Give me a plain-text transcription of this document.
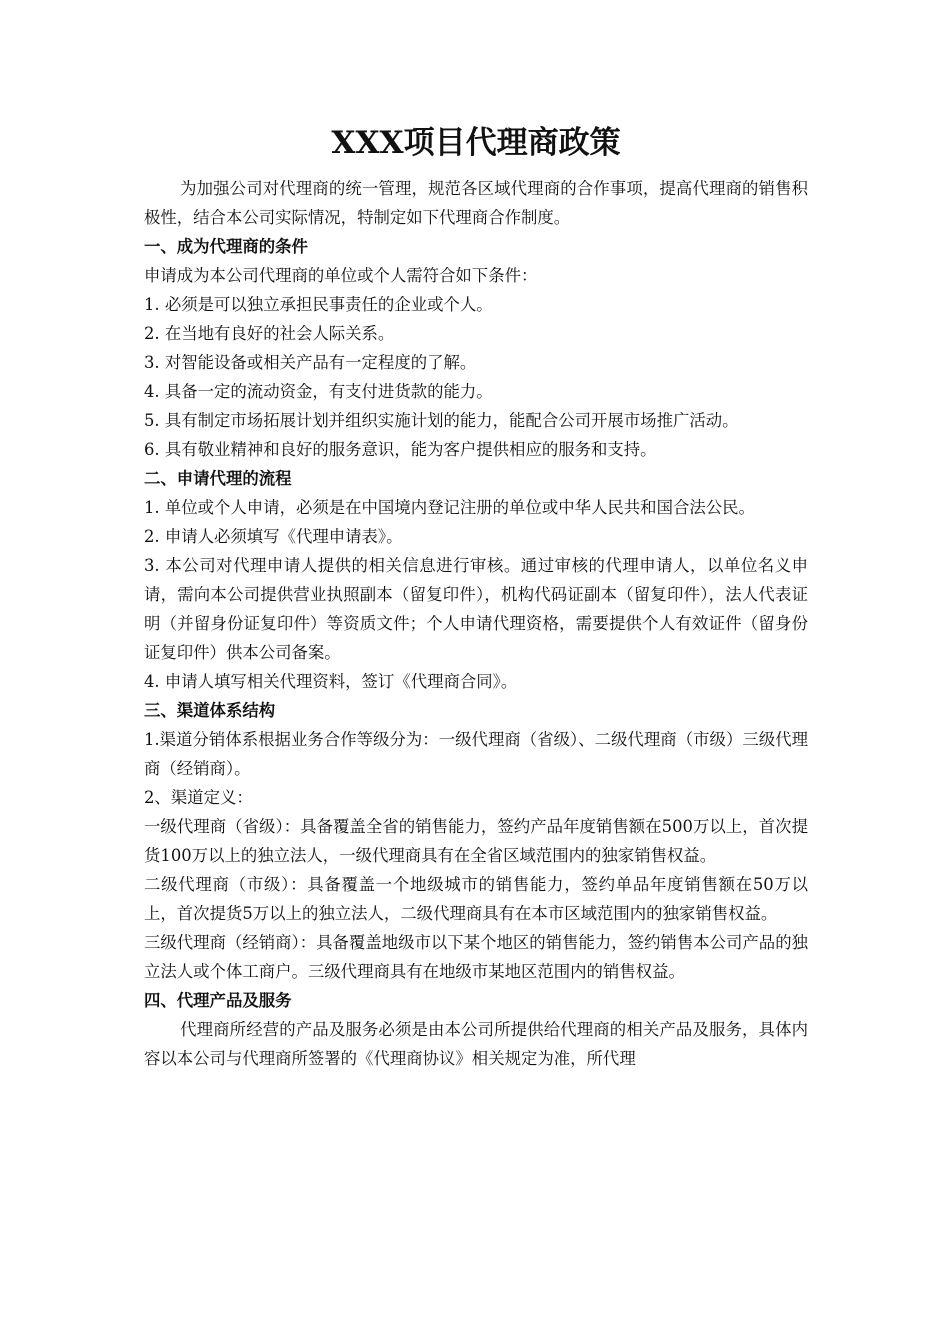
XXX项目代理商政策

为加强公司对代理商的统一管理，规范各区域代理商的合作事项，提高代理商的销售积极性，结合本公司实际情况，特制定如下代理商合作制度。

一、成为代理商的条件

申请成为本公司代理商的单位或个人需符合如下条件：

1. 必须是可以独立承担民事责任的企业或个人。

2. 在当地有良好的社会人际关系。

3. 对智能设备或相关产品有一定程度的了解。

4. 具备一定的流动资金，有支付进货款的能力。

5. 具有制定市场拓展计划并组织实施计划的能力，能配合公司开展市场推广活动。

6. 具有敬业精神和良好的服务意识，能为客户提供相应的服务和支持。

二、申请代理的流程

1. 单位或个人申请，必须是在中国境内登记注册的单位或中华人民共和国合法公民。

2. 申请人必须填写《代理申请表》。

3. 本公司对代理申请人提供的相关信息进行审核。通过审核的代理申请人，以单位名义申请，需向本公司提供营业执照副本（留复印件），机构代码证副本（留复印件），法人代表证明（并留身份证复印件）等资质文件；个人申请代理资格，需要提供个人有效证件（留身份证复印件）供本公司备案。

4. 申请人填写相关代理资料，签订《代理商合同》。

三、渠道体系结构

1.渠道分销体系根据业务合作等级分为：一级代理商（省级）、二级代理商（市级）三级代理商（经销商）。

2、渠道定义：

一级代理商（省级）：具备覆盖全省的销售能力，签约产品年度销售额在500万以上，首次提货100万以上的独立法人，一级代理商具有在全省区域范围内的独家销售权益。

二级代理商（市级）：具备覆盖一个地级城市的销售能力，签约单品年度销售额在50万以上，首次提货5万以上的独立法人，二级代理商具有在本市区域范围内的独家销售权益。

三级代理商（经销商）：具备覆盖地级市以下某个地区的销售能力，签约销售本公司产品的独立法人或个体工商户。三级代理商具有在地级市某地区范围内的销售权益。

四、代理产品及服务

代理商所经营的产品及服务必须是由本公司所提供给代理商的相关产品及服务，具体内容以本公司与代理商所签署的《代理商协议》相关规定为准，所代理
